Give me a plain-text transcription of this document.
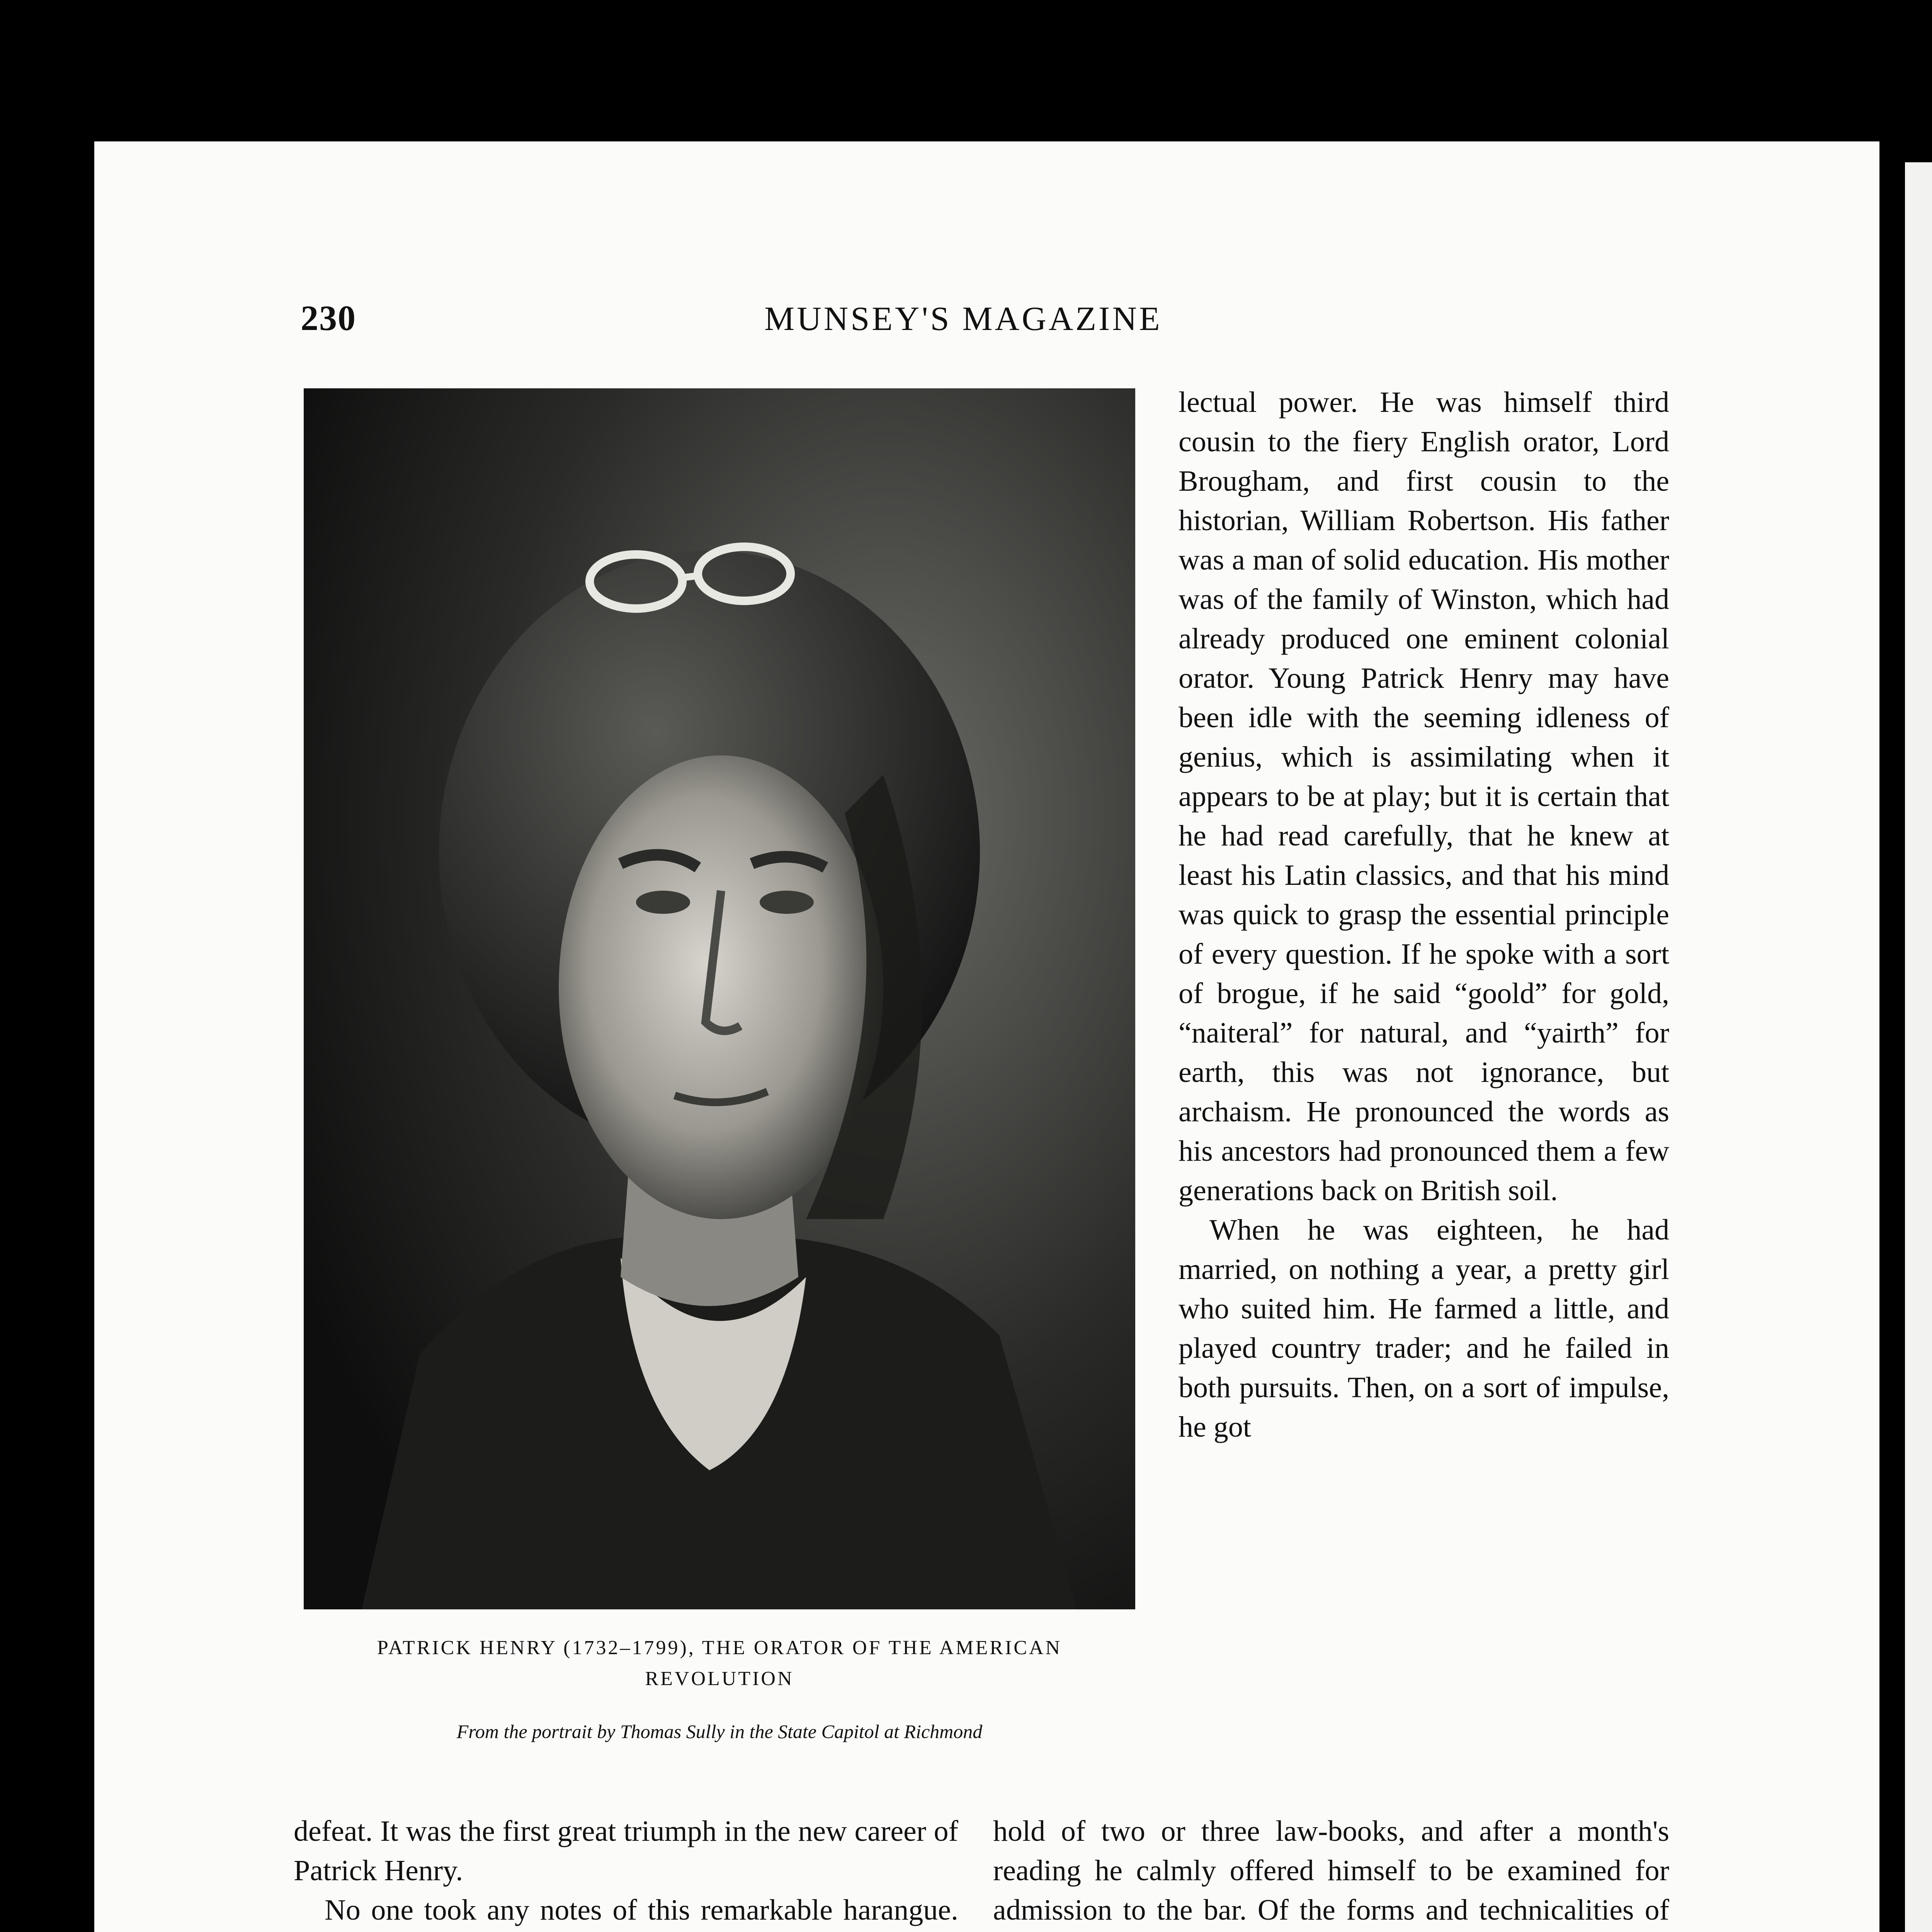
230	MUNSEY'S MAGAZINE
PATRICK HENRY (1732–1799), THE ORATOR OF THE AMERICAN REVOLUTION
From the portrait by Thomas Sully in the State Capitol at Richmond

lectual power. He was himself third cousin to the fiery English orator, Lord Brougham, and first cousin to the historian, William Robertson. His father was a man of solid education. His mother was of the family of Winston, which had already produced one eminent colonial orator. Young Patrick Henry may have been idle with the seeming idleness of genius, which is assimilating when it appears to be at play; but it is certain that he had read carefully, that he knew at least his Latin classics, and that his mind was quick to grasp the essential principle of every question. If he spoke with a sort of brogue, if he said “goold” for gold, “naiteral” for natural, and “yairth” for earth, this was not ignorance, but archaism. He pronounced the words as his ancestors had pronounced them a few generations back on British soil.

When he was eighteen, he had married, on nothing a year, a pretty girl who suited him. He farmed a little, and played country trader; and he failed in both pursuits. Then, on a sort of impulse, he got

defeat. It was the first great triumph in the new career of Patrick Henry.

No one took any notes of this remarkable harangue.

hold of two or three law-books, and after a month's reading he calmly offered himself to be examined for admission to the bar. Of the forms and technicalities of
